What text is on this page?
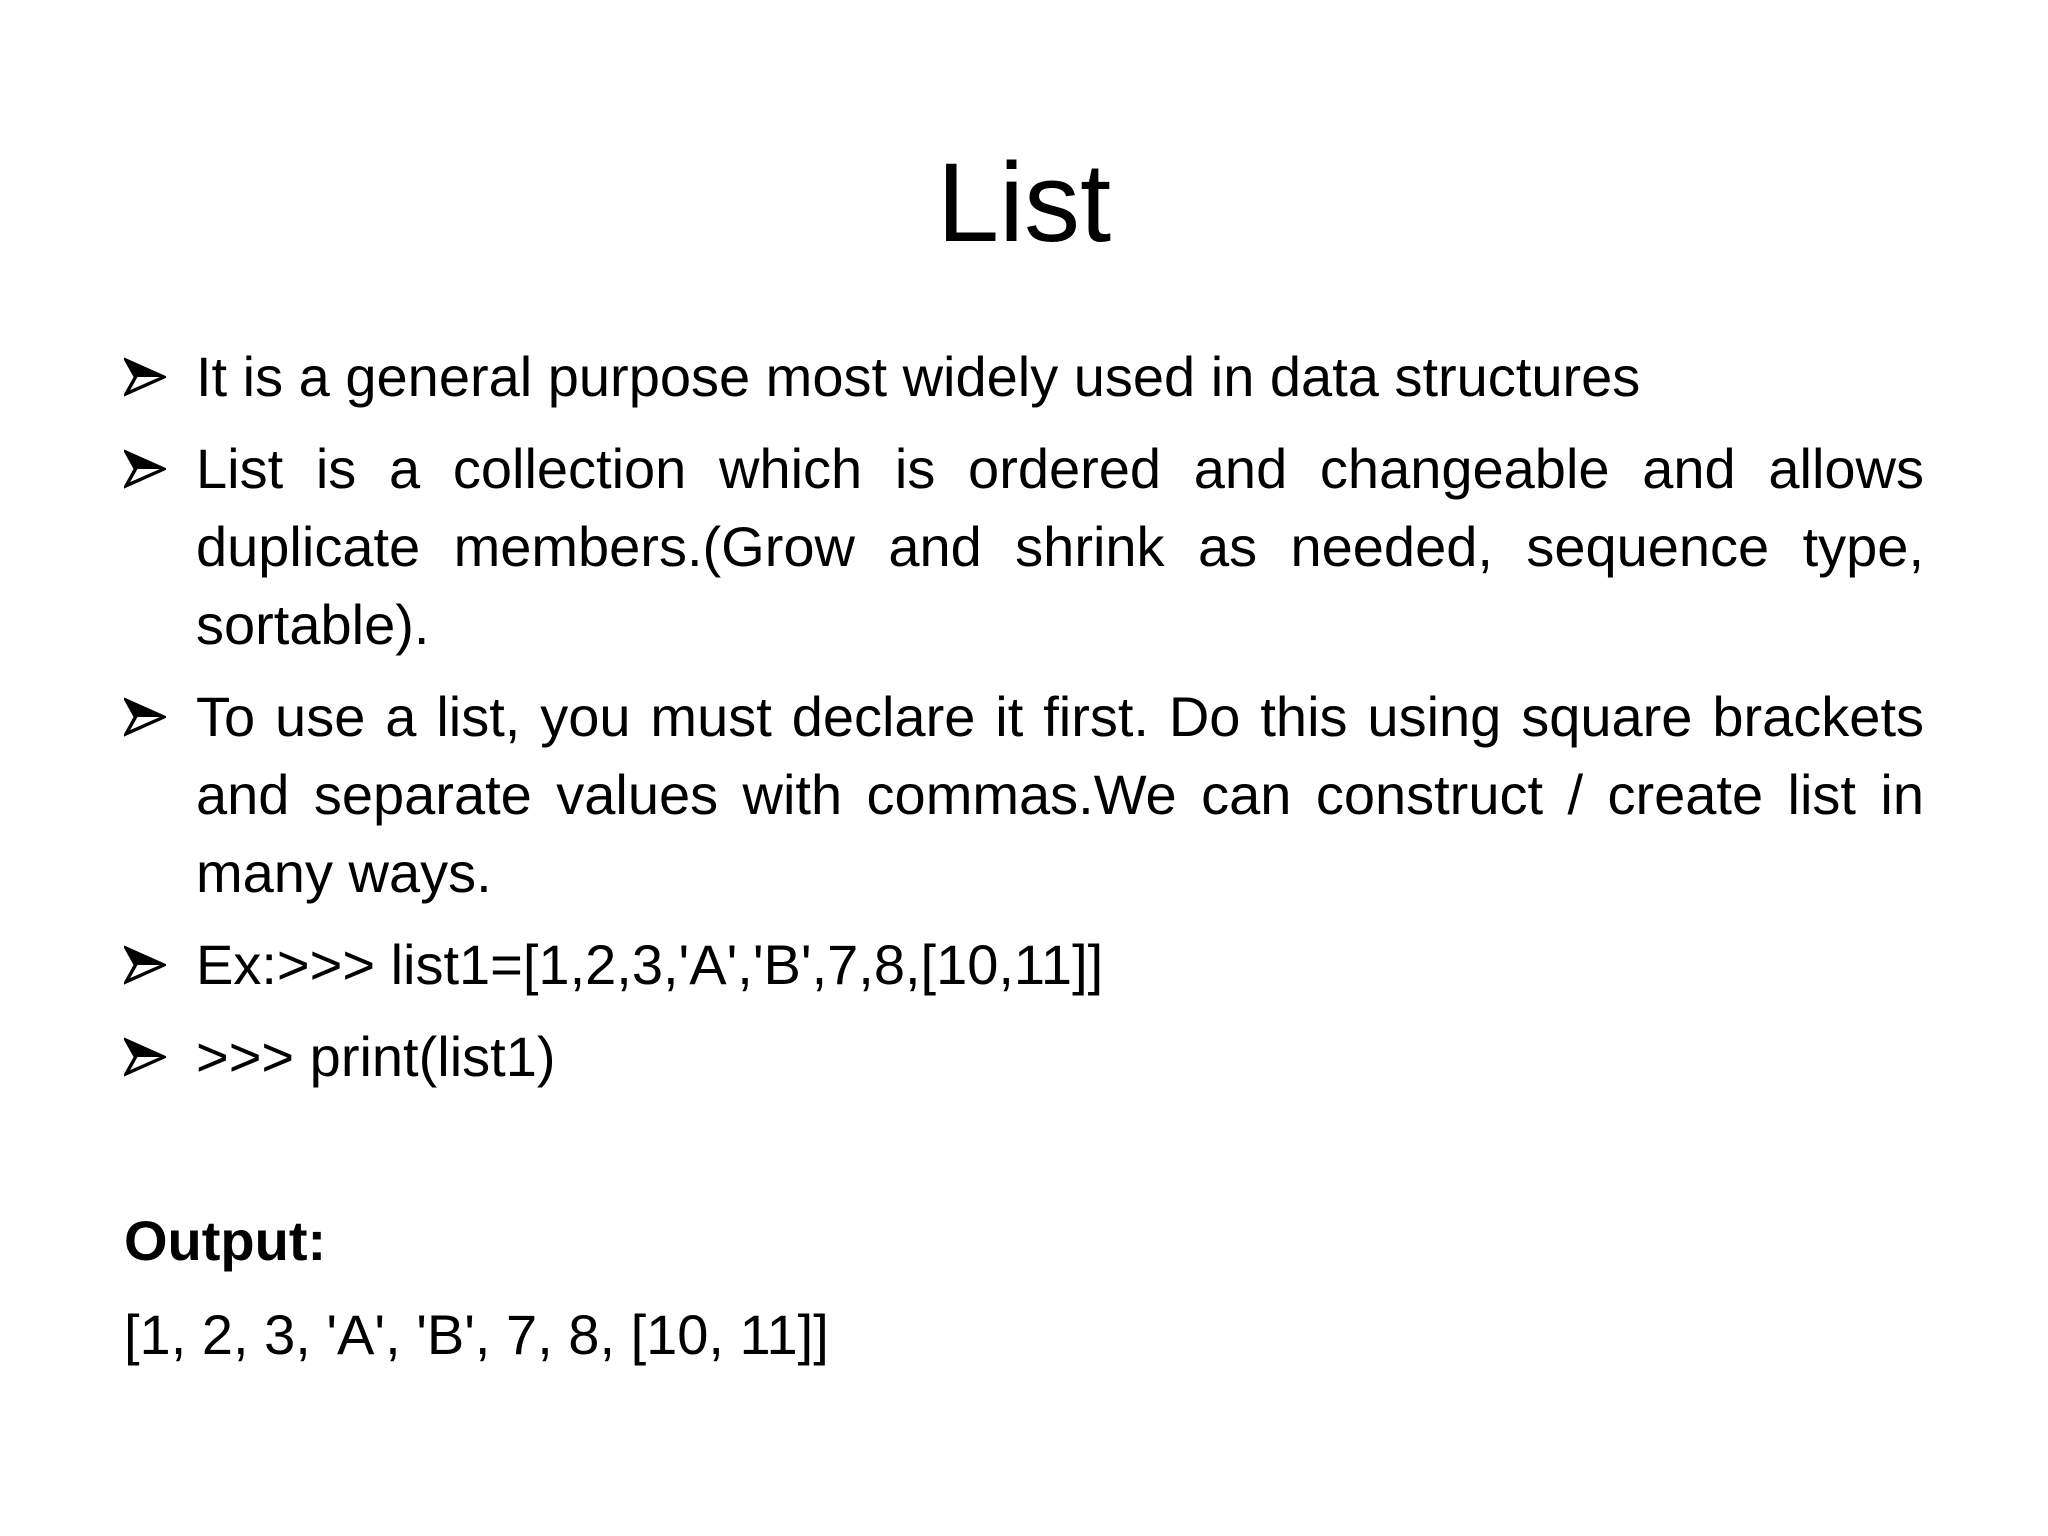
List
It is a general purpose most widely used in data structures
List is a collection which is ordered and changeable and allows duplicate members.(Grow and shrink as needed, sequence type, sortable).
To use a list, you must declare it first. Do this using square brackets and separate values with commas.We can construct / create list in many ways.
Ex:>>> list1=[1,2,3,'A','B',7,8,[10,11]]
>>> print(list1)

Output:

[1, 2, 3, 'A', 'B', 7, 8, [10, 11]]
